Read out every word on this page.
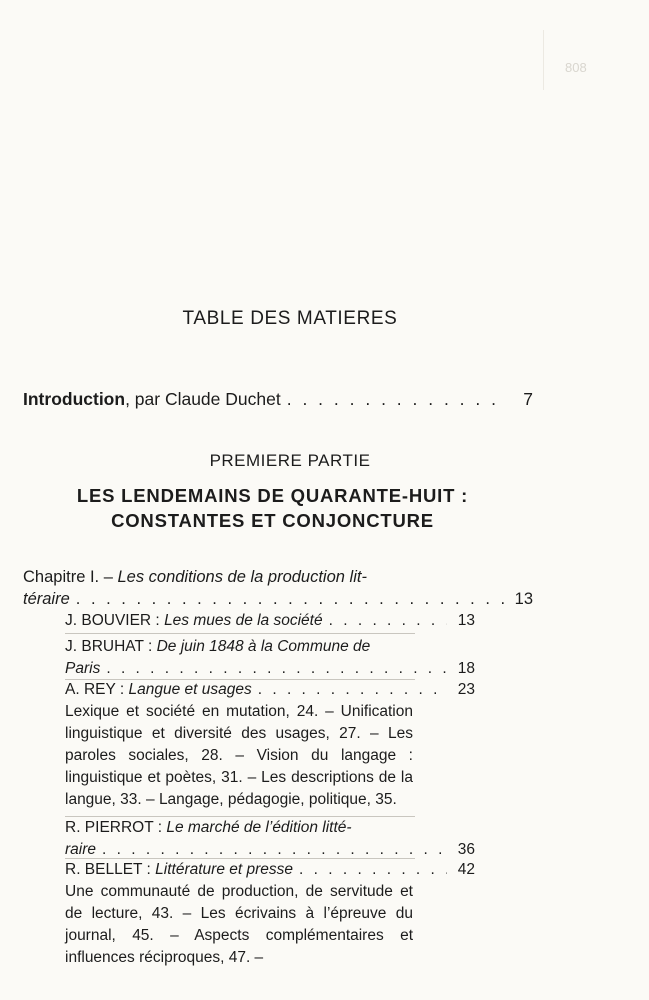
808
TABLE DES MATIERES
Introduction, par Claude Duchet . . .	7
PREMIERE PARTIE
LES LENDEMAINS DE QUARANTE-HUIT :
CONSTANTES ET CONJONCTURE
Chapitre I. – Les conditions de la production lit-
téraire . . .	13
J. BOUVIER : Les mues de la société . . .	13
J. BRUHAT : De juin 1848 à la Commune de
Paris . . .	18
A. REY : Langue et usages . . .	23
Lexique et société en mutation, 24. – Unification linguistique et diversité des usages, 27. – Les paroles sociales, 28. – Vision du langage : linguistique et poètes, 31. – Les descriptions de la langue, 33. – Langage, pédagogie, politique, 35.
R. PIERROT : Le marché de l’édition litté-
raire . . .	36
R. BELLET : Littérature et presse . . .	42
Une communauté de production, de servitude et de lecture, 43. – Les écrivains à l’épreuve du journal, 45. – Aspects complémentaires et influences réciproques, 47. –
